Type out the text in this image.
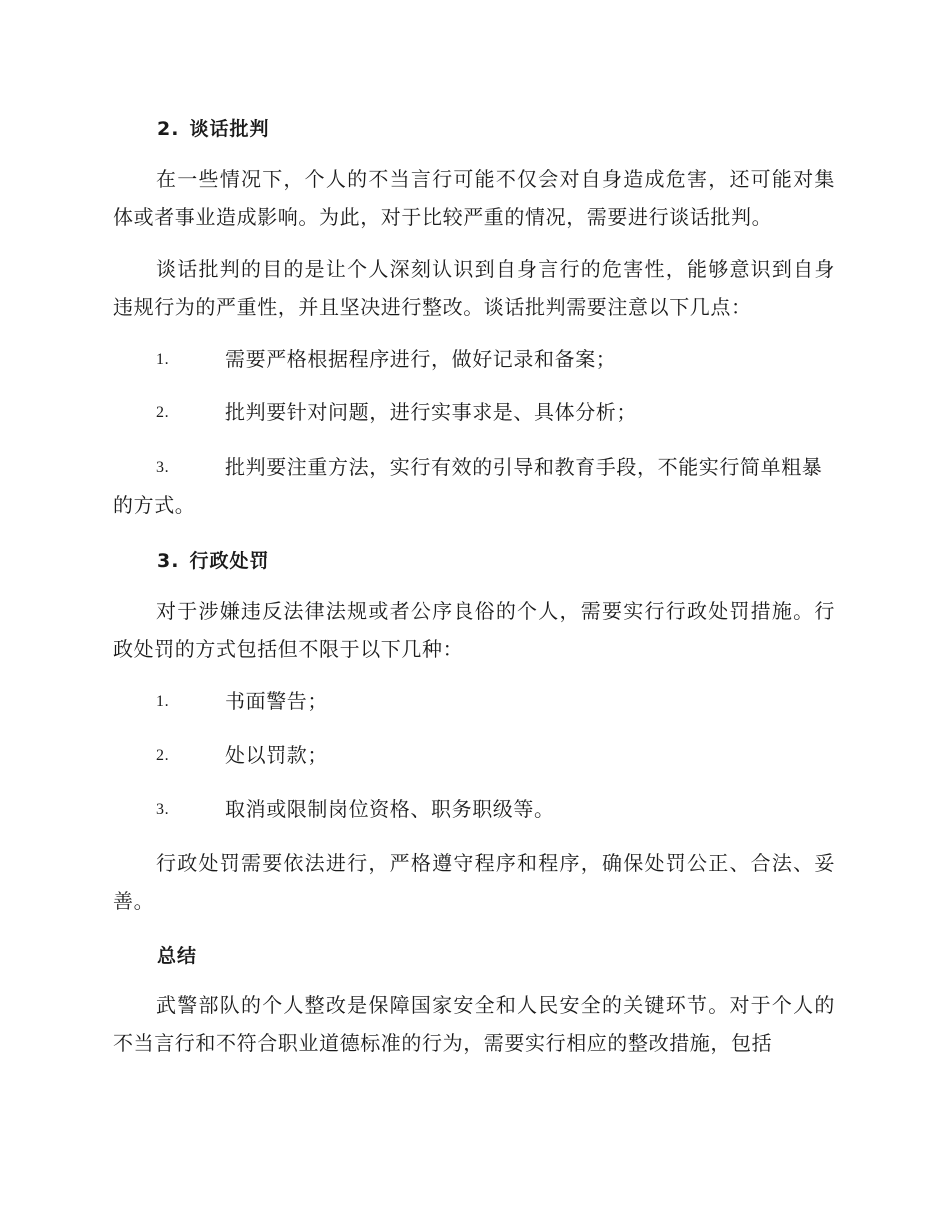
2. 谈话批判
在一些情况下，个人的不当言行可能不仅会对自身造成危害，还可能对集体或者事业造成影响。为此，对于比较严重的情况，需要进行谈话批判。
谈话批判的目的是让个人深刻认识到自身言行的危害性，能够意识到自身违规行为的严重性，并且坚决进行整改。谈话批判需要注意以下几点：
1.	需要严格根据程序进行，做好记录和备案；
2.	批判要针对问题，进行实事求是、具体分析；
3.	批判要注重方法，实行有效的引导和教育手段，不能实行简单粗暴的方式。
3. 行政处罚
对于涉嫌违反法律法规或者公序良俗的个人，需要实行行政处罚措施。行政处罚的方式包括但不限于以下几种：
1.	书面警告；
2.	处以罚款；
3.	取消或限制岗位资格、职务职级等。
行政处罚需要依法进行，严格遵守程序和程序，确保处罚公正、合法、妥善。
总结
武警部队的个人整改是保障国家安全和人民安全的关键环节。对于个人的不当言行和不符合职业道德标准的行为，需要实行相应的整改措施，包括
